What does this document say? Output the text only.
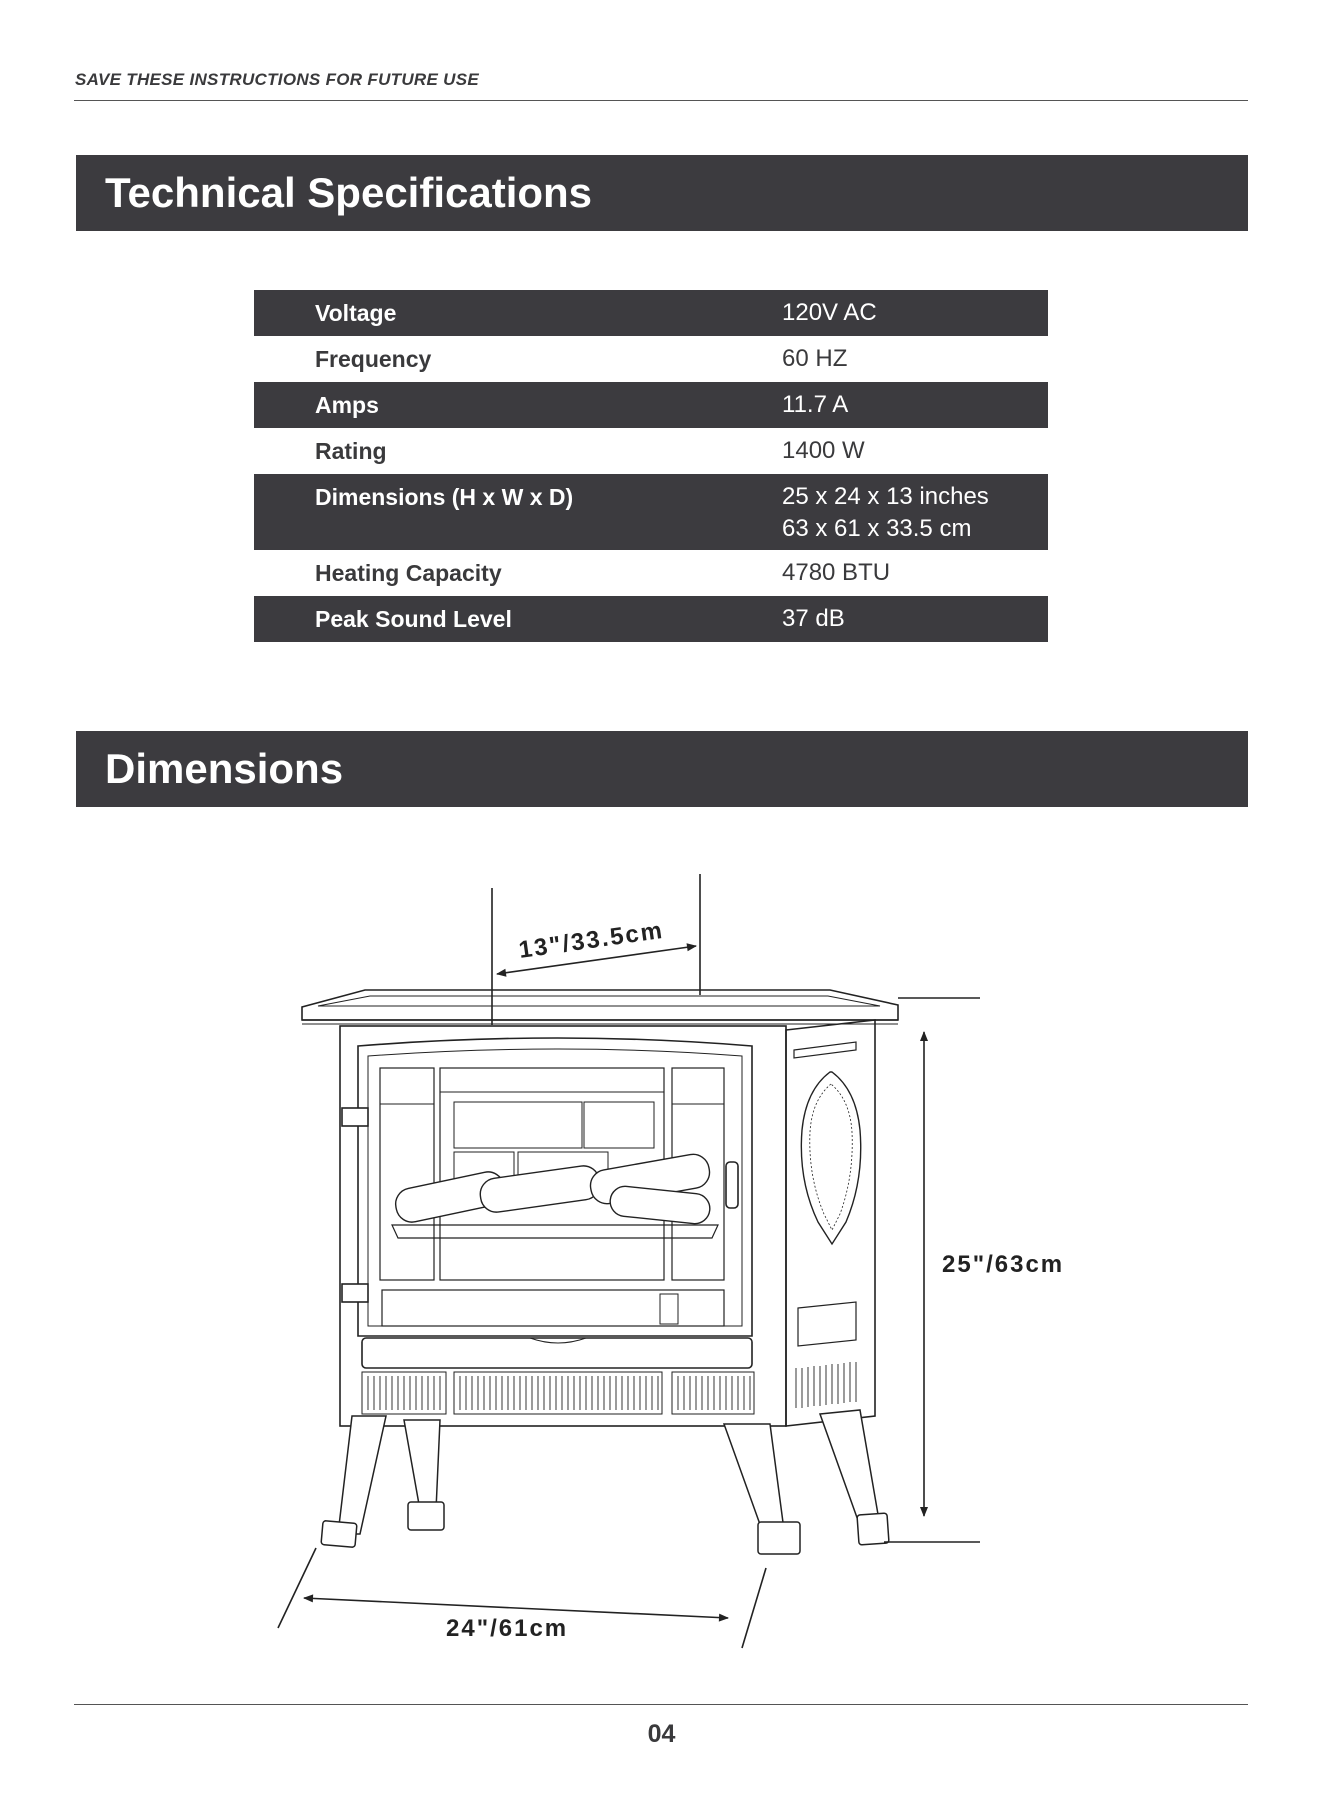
SAVE THESE INSTRUCTIONS FOR FUTURE USE
Technical Specifications
Voltage	120V AC
Frequency	60 HZ
Amps	11.7 A
Rating	1400 W
Dimensions (H x W x D)	25 x 24 x 13 inches
63 x 61 x 33.5 cm
Heating Capacity	4780 BTU
Peak Sound Level	37 dB
Dimensions
13"/33.5cm
25"/63cm
24"/61cm
04
